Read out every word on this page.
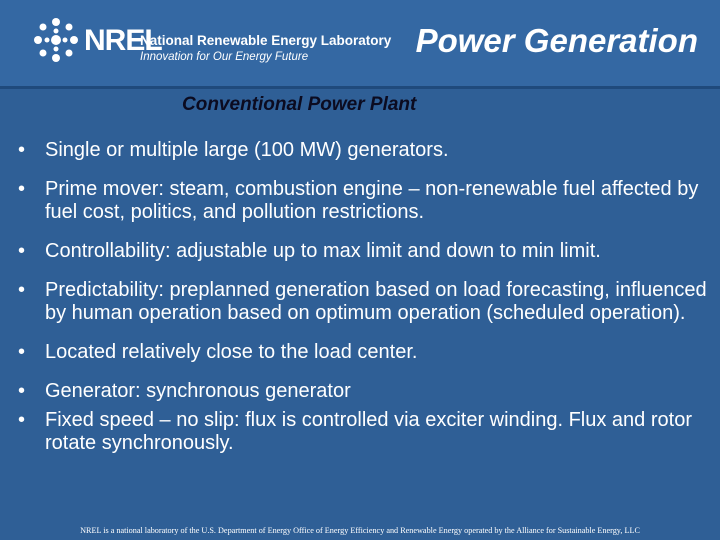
NREL
National Renewable Energy Laboratory
Innovation for Our Energy Future	Power Generation
Conventional Power Plant
• Single or multiple large (100 MW) generators.
• Prime mover: steam, combustion engine – non-renewable fuel affected by fuel cost, politics, and pollution restrictions.
• Controllability: adjustable up to max limit and down to min limit.
• Predictability: preplanned generation based on load forecasting, influenced by human operation based on optimum operation (scheduled operation).
• Located relatively close to the load center.
• Generator: synchronous generator
• Fixed speed – no slip: flux is controlled via exciter winding. Flux and rotor rotate synchronously.
NREL is a national laboratory of the U.S. Department of Energy Office of Energy Efficiency and Renewable Energy operated by the Alliance for Sustainable Energy, LLC
